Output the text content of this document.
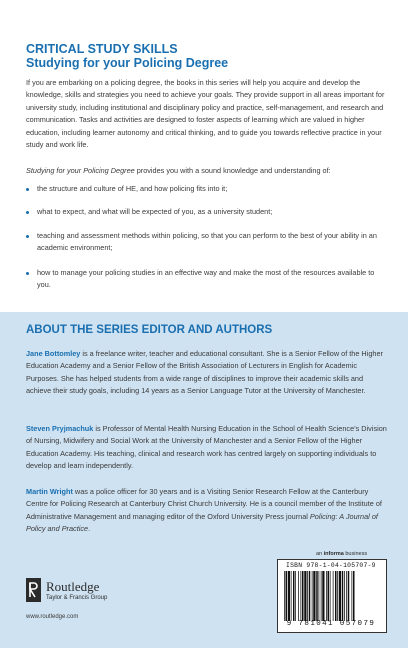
CRITICAL STUDY SKILLS
Studying for your Policing Degree
If you are embarking on a policing degree, the books in this series will help you acquire and develop the knowledge, skills and strategies you need to achieve your goals. They provide support in all areas important for university study, including institutional and disciplinary policy and practice, self-management, and research and communication. Tasks and activities are designed to foster aspects of learning which are valued in higher education, including learner autonomy and critical thinking, and to guide you towards reflective practice in your study and work life.
Studying for your Policing Degree provides you with a sound knowledge and understanding of:
the structure and culture of HE, and how policing fits into it;
what to expect, and what will be expected of you, as a university student;
teaching and assessment methods within policing, so that you can perform to the best of your ability in an academic environment;
how to manage your policing studies in an effective way and make the most of the resources available to you.
ABOUT THE SERIES EDITOR AND AUTHORS
Jane Bottomley is a freelance writer, teacher and educational consultant. She is a Senior Fellow of the Higher Education Academy and a Senior Fellow of the British Association of Lecturers in English for Academic Purposes. She has helped students from a wide range of disciplines to improve their academic skills and achieve their study goals, including 14 years as a Senior Language Tutor at the University of Manchester.
Steven Pryjmachuk is Professor of Mental Health Nursing Education in the School of Health Science’s Division of Nursing, Midwifery and Social Work at the University of Manchester and a Senior Fellow of the Higher Education Academy. His teaching, clinical and research work has centred largely on supporting individuals to develop and learn independently.
Martin Wright was a police officer for 30 years and is a Visiting Senior Research Fellow at the Canterbury Centre for Policing Research at Canterbury Christ Church University. He is a council member of the Institute of Administrative Management and managing editor of the Oxford University Press journal Policing: A Journal of Policy and Practice.
Routledge
Taylor & Francis Group
www.routledge.com
an informa business
ISBN 978-1-04-105707-9
9 781041 057079
